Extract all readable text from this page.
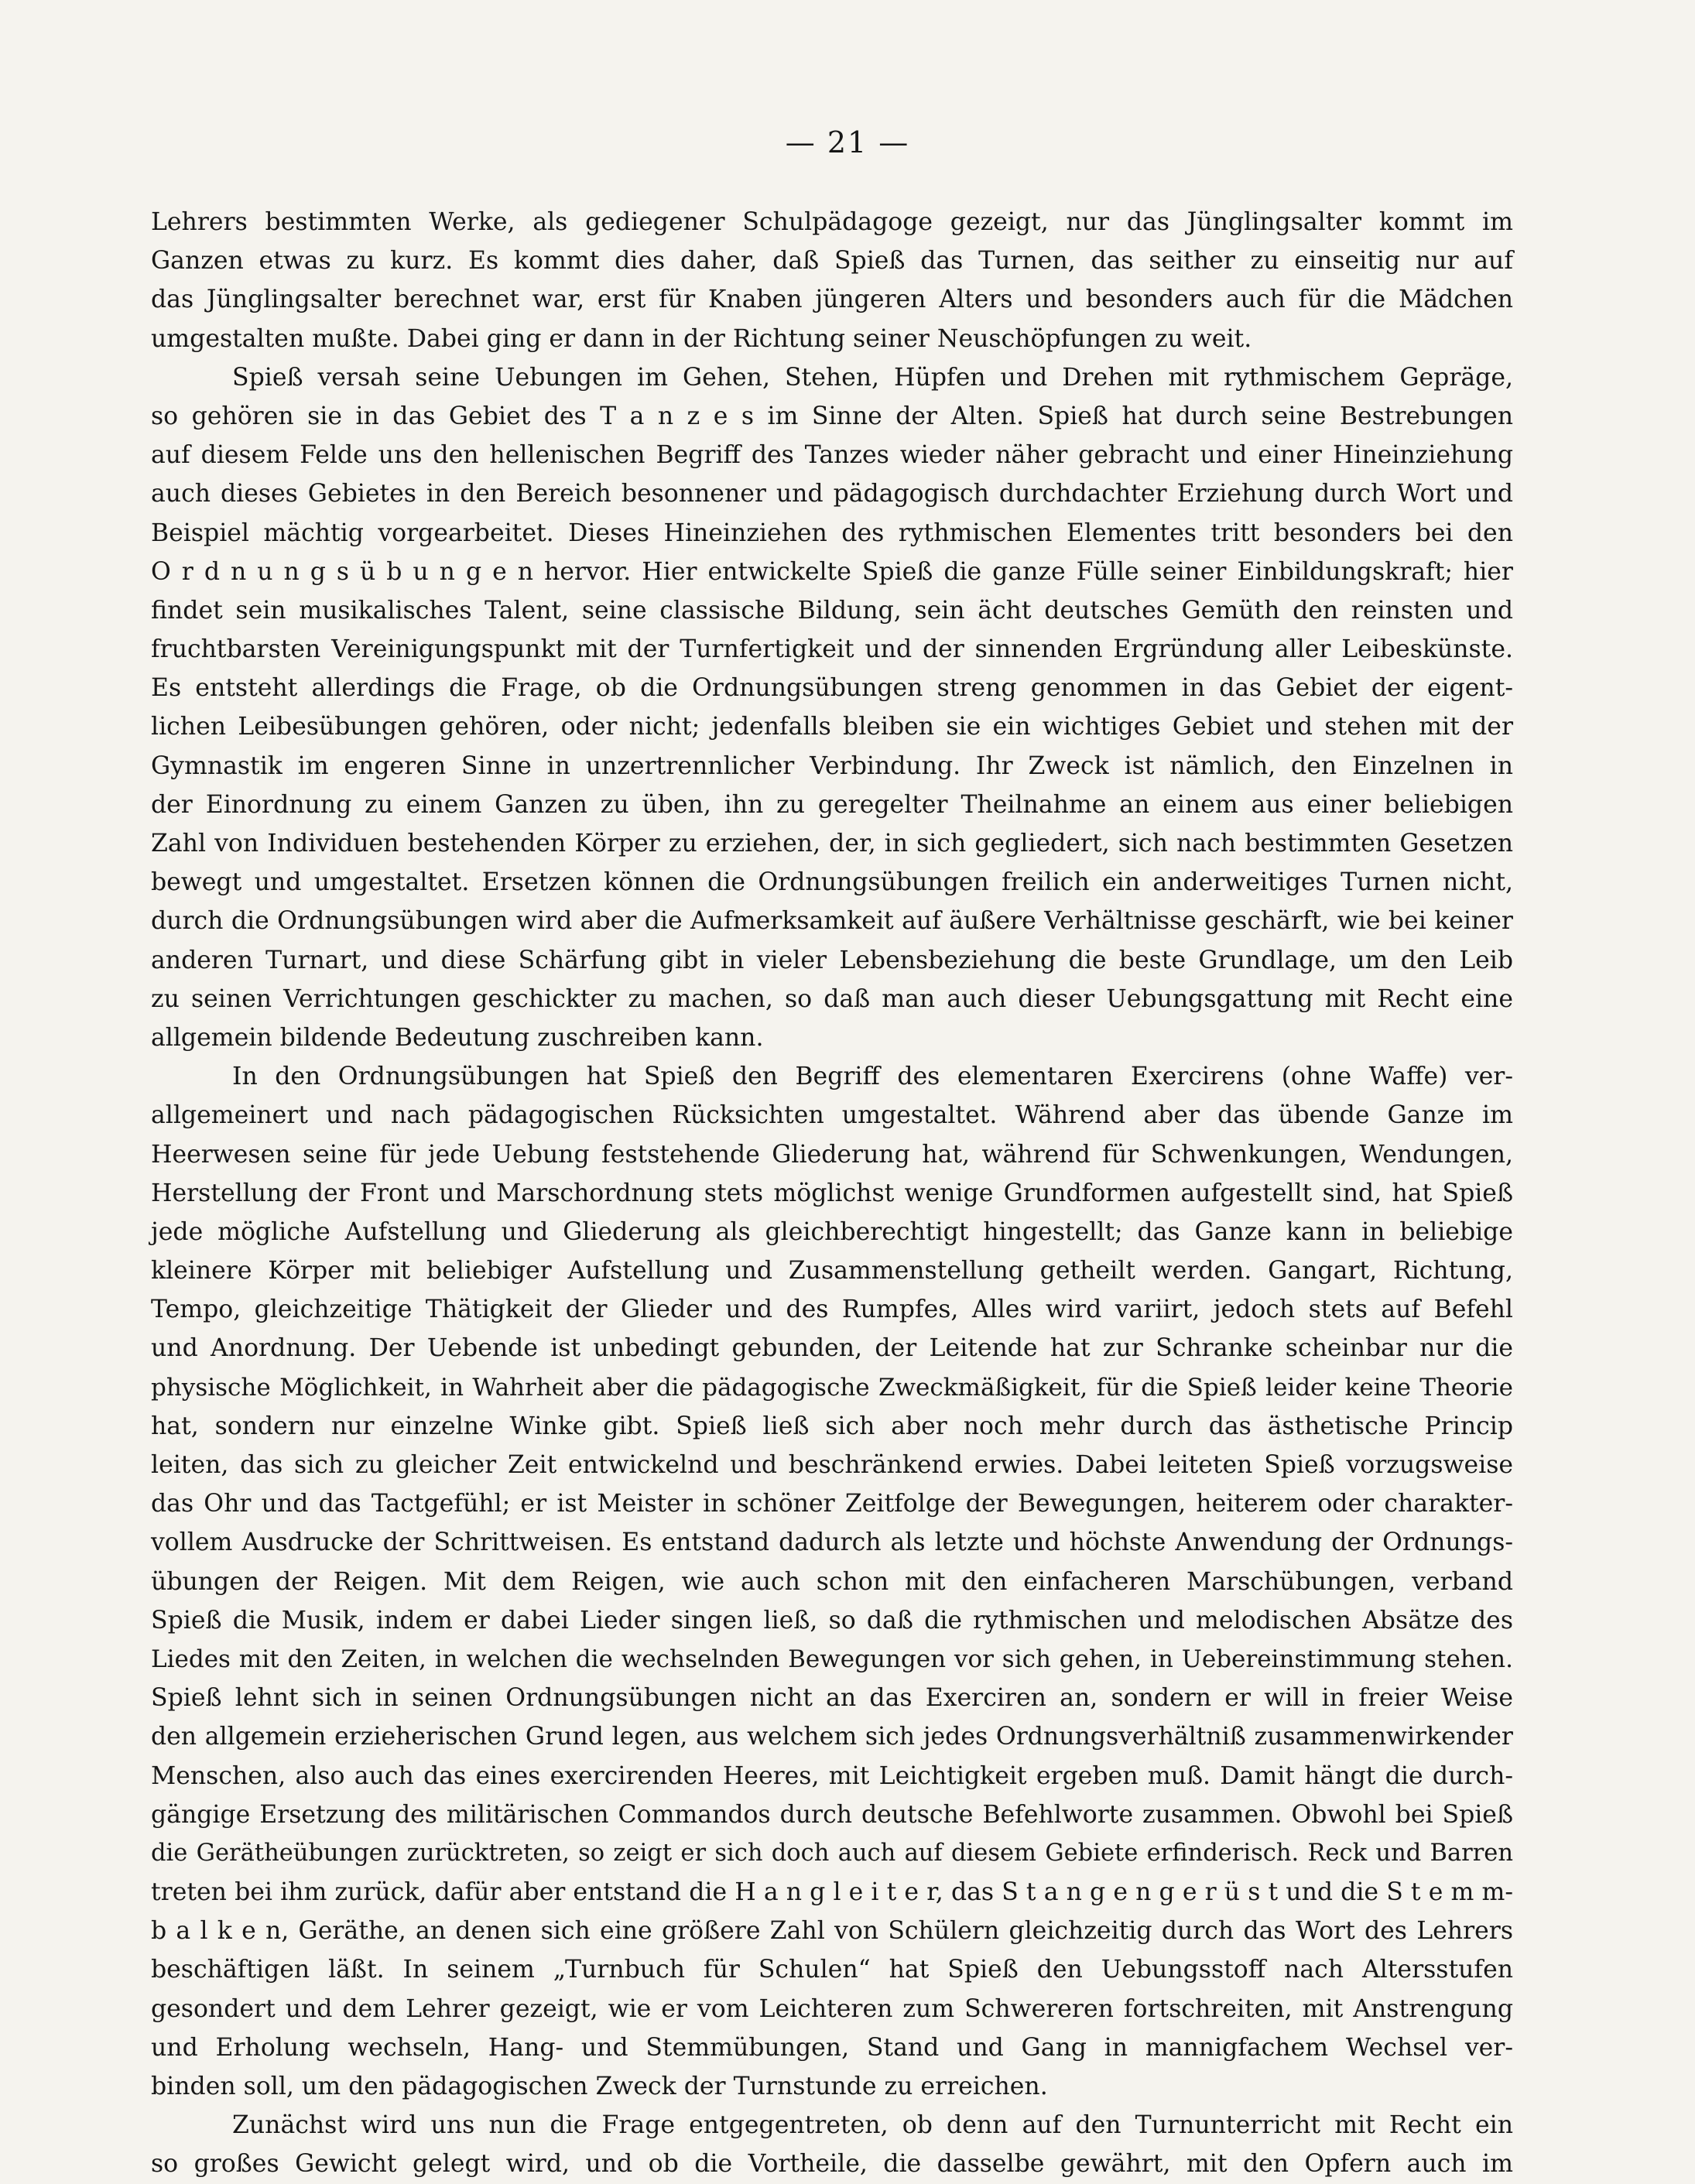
— 21 —
Lehrers bestimmten Werke, als gediegener Schulpädagoge gezeigt, nur das Jünglingsalter kommt im
Ganzen etwas zu kurz. Es kommt dies daher, daß Spieß das Turnen, das seither zu einseitig nur auf
das Jünglingsalter berechnet war, erst für Knaben jüngeren Alters und besonders auch für die Mädchen
umgestalten mußte. Dabei ging er dann in der Richtung seiner Neuschöpfungen zu weit.
Spieß versah seine Uebungen im Gehen, Stehen, Hüpfen und Drehen mit rythmischem Gepräge,
so gehören sie in das Gebiet des T a n z e s im Sinne der Alten. Spieß hat durch seine Bestrebungen
auf diesem Felde uns den hellenischen Begriff des Tanzes wieder näher gebracht und einer Hineinziehung
auch dieses Gebietes in den Bereich besonnener und pädagogisch durchdachter Erziehung durch Wort und
Beispiel mächtig vorgearbeitet. Dieses Hineinziehen des rythmischen Elementes tritt besonders bei den
O r d n u n g s ü b u n g e n hervor. Hier entwickelte Spieß die ganze Fülle seiner Einbildungskraft; hier
findet sein musikalisches Talent, seine classische Bildung, sein ächt deutsches Gemüth den reinsten und
fruchtbarsten Vereinigungspunkt mit der Turnfertigkeit und der sinnenden Ergründung aller Leibeskünste.
Es entsteht allerdings die Frage, ob die Ordnungsübungen streng genommen in das Gebiet der eigent-
lichen Leibesübungen gehören, oder nicht; jedenfalls bleiben sie ein wichtiges Gebiet und stehen mit der
Gymnastik im engeren Sinne in unzertrennlicher Verbindung. Ihr Zweck ist nämlich, den Einzelnen in
der Einordnung zu einem Ganzen zu üben, ihn zu geregelter Theilnahme an einem aus einer beliebigen
Zahl von Individuen bestehenden Körper zu erziehen, der, in sich gegliedert, sich nach bestimmten Gesetzen
bewegt und umgestaltet. Ersetzen können die Ordnungsübungen freilich ein anderweitiges Turnen nicht,
durch die Ordnungsübungen wird aber die Aufmerksamkeit auf äußere Verhältnisse geschärft, wie bei keiner
anderen Turnart, und diese Schärfung gibt in vieler Lebensbeziehung die beste Grundlage, um den Leib
zu seinen Verrichtungen geschickter zu machen, so daß man auch dieser Uebungsgattung mit Recht eine
allgemein bildende Bedeutung zuschreiben kann.
In den Ordnungsübungen hat Spieß den Begriff des elementaren Exercirens (ohne Waffe) ver-
allgemeinert und nach pädagogischen Rücksichten umgestaltet. Während aber das übende Ganze im
Heerwesen seine für jede Uebung feststehende Gliederung hat, während für Schwenkungen, Wendungen,
Herstellung der Front und Marschordnung stets möglichst wenige Grundformen aufgestellt sind, hat Spieß
jede mögliche Aufstellung und Gliederung als gleichberechtigt hingestellt; das Ganze kann in beliebige
kleinere Körper mit beliebiger Aufstellung und Zusammenstellung getheilt werden. Gangart, Richtung,
Tempo, gleichzeitige Thätigkeit der Glieder und des Rumpfes, Alles wird variirt, jedoch stets auf Befehl
und Anordnung. Der Uebende ist unbedingt gebunden, der Leitende hat zur Schranke scheinbar nur die
physische Möglichkeit, in Wahrheit aber die pädagogische Zweckmäßigkeit, für die Spieß leider keine Theorie
hat, sondern nur einzelne Winke gibt. Spieß ließ sich aber noch mehr durch das ästhetische Princip
leiten, das sich zu gleicher Zeit entwickelnd und beschränkend erwies. Dabei leiteten Spieß vorzugsweise
das Ohr und das Tactgefühl; er ist Meister in schöner Zeitfolge der Bewegungen, heiterem oder charakter-
vollem Ausdrucke der Schrittweisen. Es entstand dadurch als letzte und höchste Anwendung der Ordnungs-
übungen der Reigen. Mit dem Reigen, wie auch schon mit den einfacheren Marschübungen, verband
Spieß die Musik, indem er dabei Lieder singen ließ, so daß die rythmischen und melodischen Absätze des
Liedes mit den Zeiten, in welchen die wechselnden Bewegungen vor sich gehen, in Uebereinstimmung stehen.
Spieß lehnt sich in seinen Ordnungsübungen nicht an das Exerciren an, sondern er will in freier Weise
den allgemein erzieherischen Grund legen, aus welchem sich jedes Ordnungsverhältniß zusammenwirkender
Menschen, also auch das eines exercirenden Heeres, mit Leichtigkeit ergeben muß. Damit hängt die durch-
gängige Ersetzung des militärischen Commandos durch deutsche Befehlworte zusammen. Obwohl bei Spieß
die Gerätheübungen zurücktreten, so zeigt er sich doch auch auf diesem Gebiete erfinderisch. Reck und Barren
treten bei ihm zurück, dafür aber entstand die H a n g l e i t e r, das S t a n g e n g e r ü s t und die S t e m m-
b a l k e n, Geräthe, an denen sich eine größere Zahl von Schülern gleichzeitig durch das Wort des Lehrers
beschäftigen läßt. In seinem „Turnbuch für Schulen“ hat Spieß den Uebungsstoff nach Altersstufen
gesondert und dem Lehrer gezeigt, wie er vom Leichteren zum Schwereren fortschreiten, mit Anstrengung
und Erholung wechseln, Hang- und Stemmübungen, Stand und Gang in mannigfachem Wechsel ver-
binden soll, um den pädagogischen Zweck der Turnstunde zu erreichen.
Zunächst wird uns nun die Frage entgegentreten, ob denn auf den Turnunterricht mit Recht ein
so großes Gewicht gelegt wird, und ob die Vortheile, die dasselbe gewährt, mit den Opfern auch im
